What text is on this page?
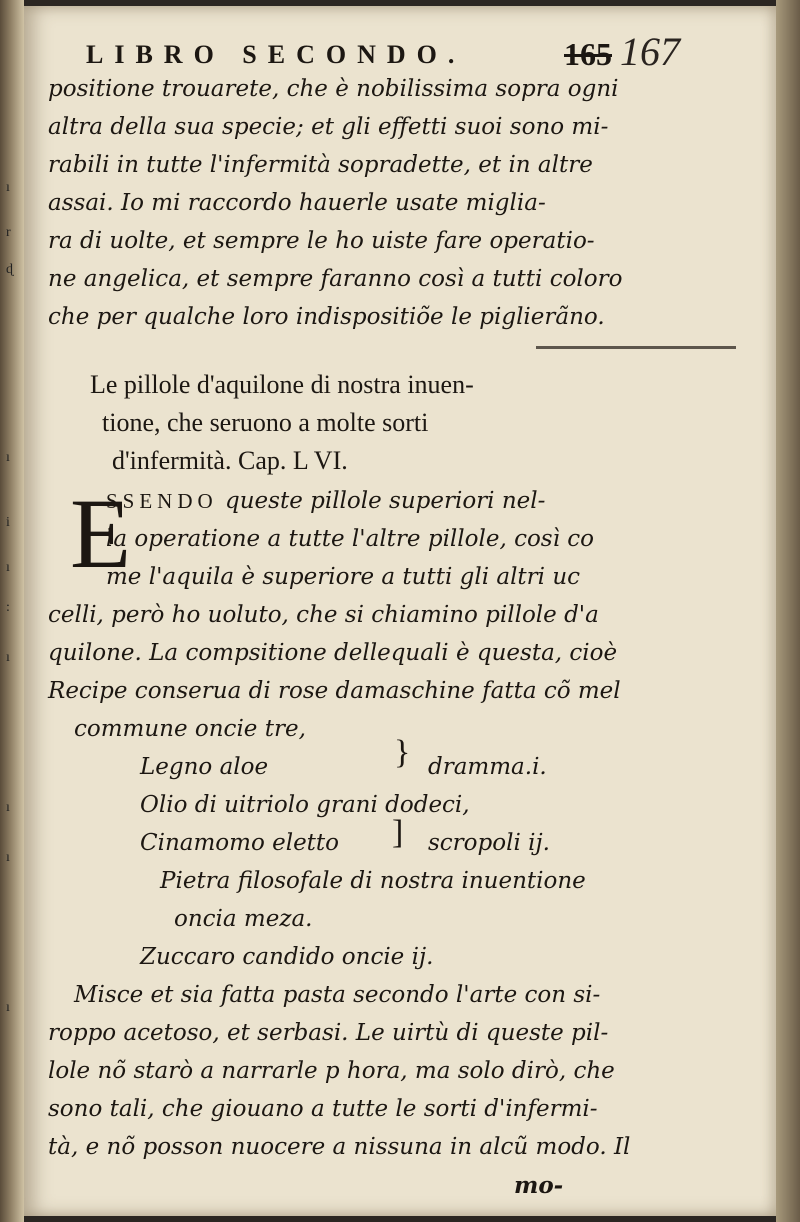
ı
r
ɖ
ı
i
ı
:
ı
ı
ı
ı
LIBRO SECONDO.	165 167
positione trouarete, che è nobilissima sopra ogni
altra della sua specie; et gli effetti suoi sono mi-
rabili in tutte l'infermità sopradette, et in altre
assai. Io mi raccordo hauerle usate miglia-
ra di uolte, et sempre le ho uiste fare operatio-
ne angelica, et sempre faranno così a tutti coloro
che per qualche loro indispositiõe le piglierãno.
Le pillole d'aquilone di nostra inuen-
tione, che seruono a molte sorti
d'infermità. Cap. L VI.
E
SSENDO queste pillole superiori nel-
la operatione a tutte l'altre pillole, così co
me l'aquila è superiore a tutti gli altri uc
celli, però ho uoluto, che si chiamino pillole d'a
quilone. La compsitione dellequali è questa, cioè
Recipe conserua di rose damaschine fatta cõ mel
commune oncie tre,
Legno aloe	} dramma.i.
Olio di uitriolo grani dodeci,
Cinamomo eletto ] scropoli ij.
Pietra filosofale di nostra inuentione
oncia meza.
Zuccaro candido oncie ij.
Misce et sia fatta pasta secondo l'arte con si-
roppo acetoso, et serbasi. Le uirtù di queste pil-
lole nõ starò a narrarle p hora, ma solo dirò, che
sono tali, che giouano a tutte le sorti d'infermi-
tà, e nõ posson nuocere a nissuna in alcũ modo. Il
mo-
